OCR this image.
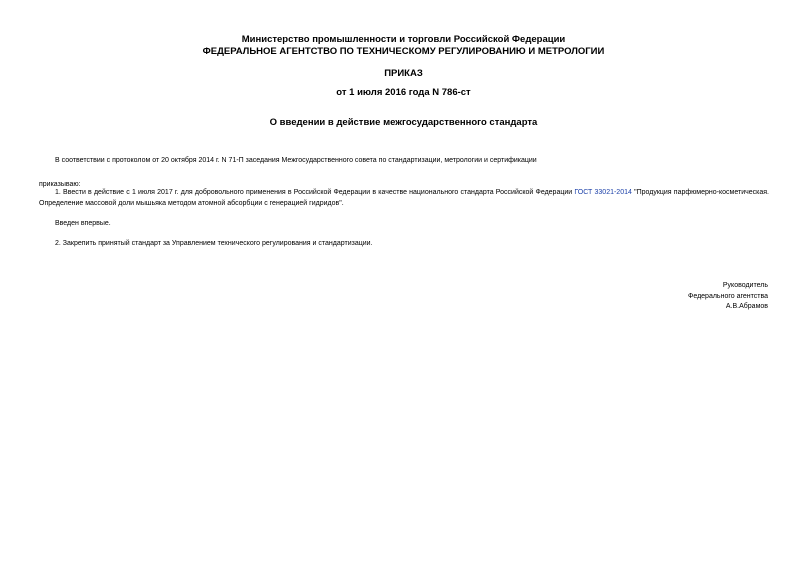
Министерство промышленности и торговли Российской Федерации
ФЕДЕРАЛЬНОЕ АГЕНТСТВО ПО ТЕХНИЧЕСКОМУ РЕГУЛИРОВАНИЮ И МЕТРОЛОГИИ
ПРИКАЗ
от 1 июля 2016 года N 786-ст
О введении в действие межгосударственного стандарта
В соответствии с протоколом от 20 октября 2014 г. N 71-П заседания Межгосударственного совета по стандартизации, метрологии и сертификации
приказываю:
1. Ввести в действие с 1 июля 2017 г. для добровольного применения в Российской Федерации в качестве национального стандарта Российской Федерации ГОСТ 33021-2014 "Продукция парфюмерно-косметическая. Определение массовой доли мышьяка методом атомной абсорбции с генерацией гидридов".
Введен впервые.
2. Закрепить принятый стандарт за Управлением технического регулирования и стандартизации.
Руководитель
Федерального агентства
А.В.Абрамов
